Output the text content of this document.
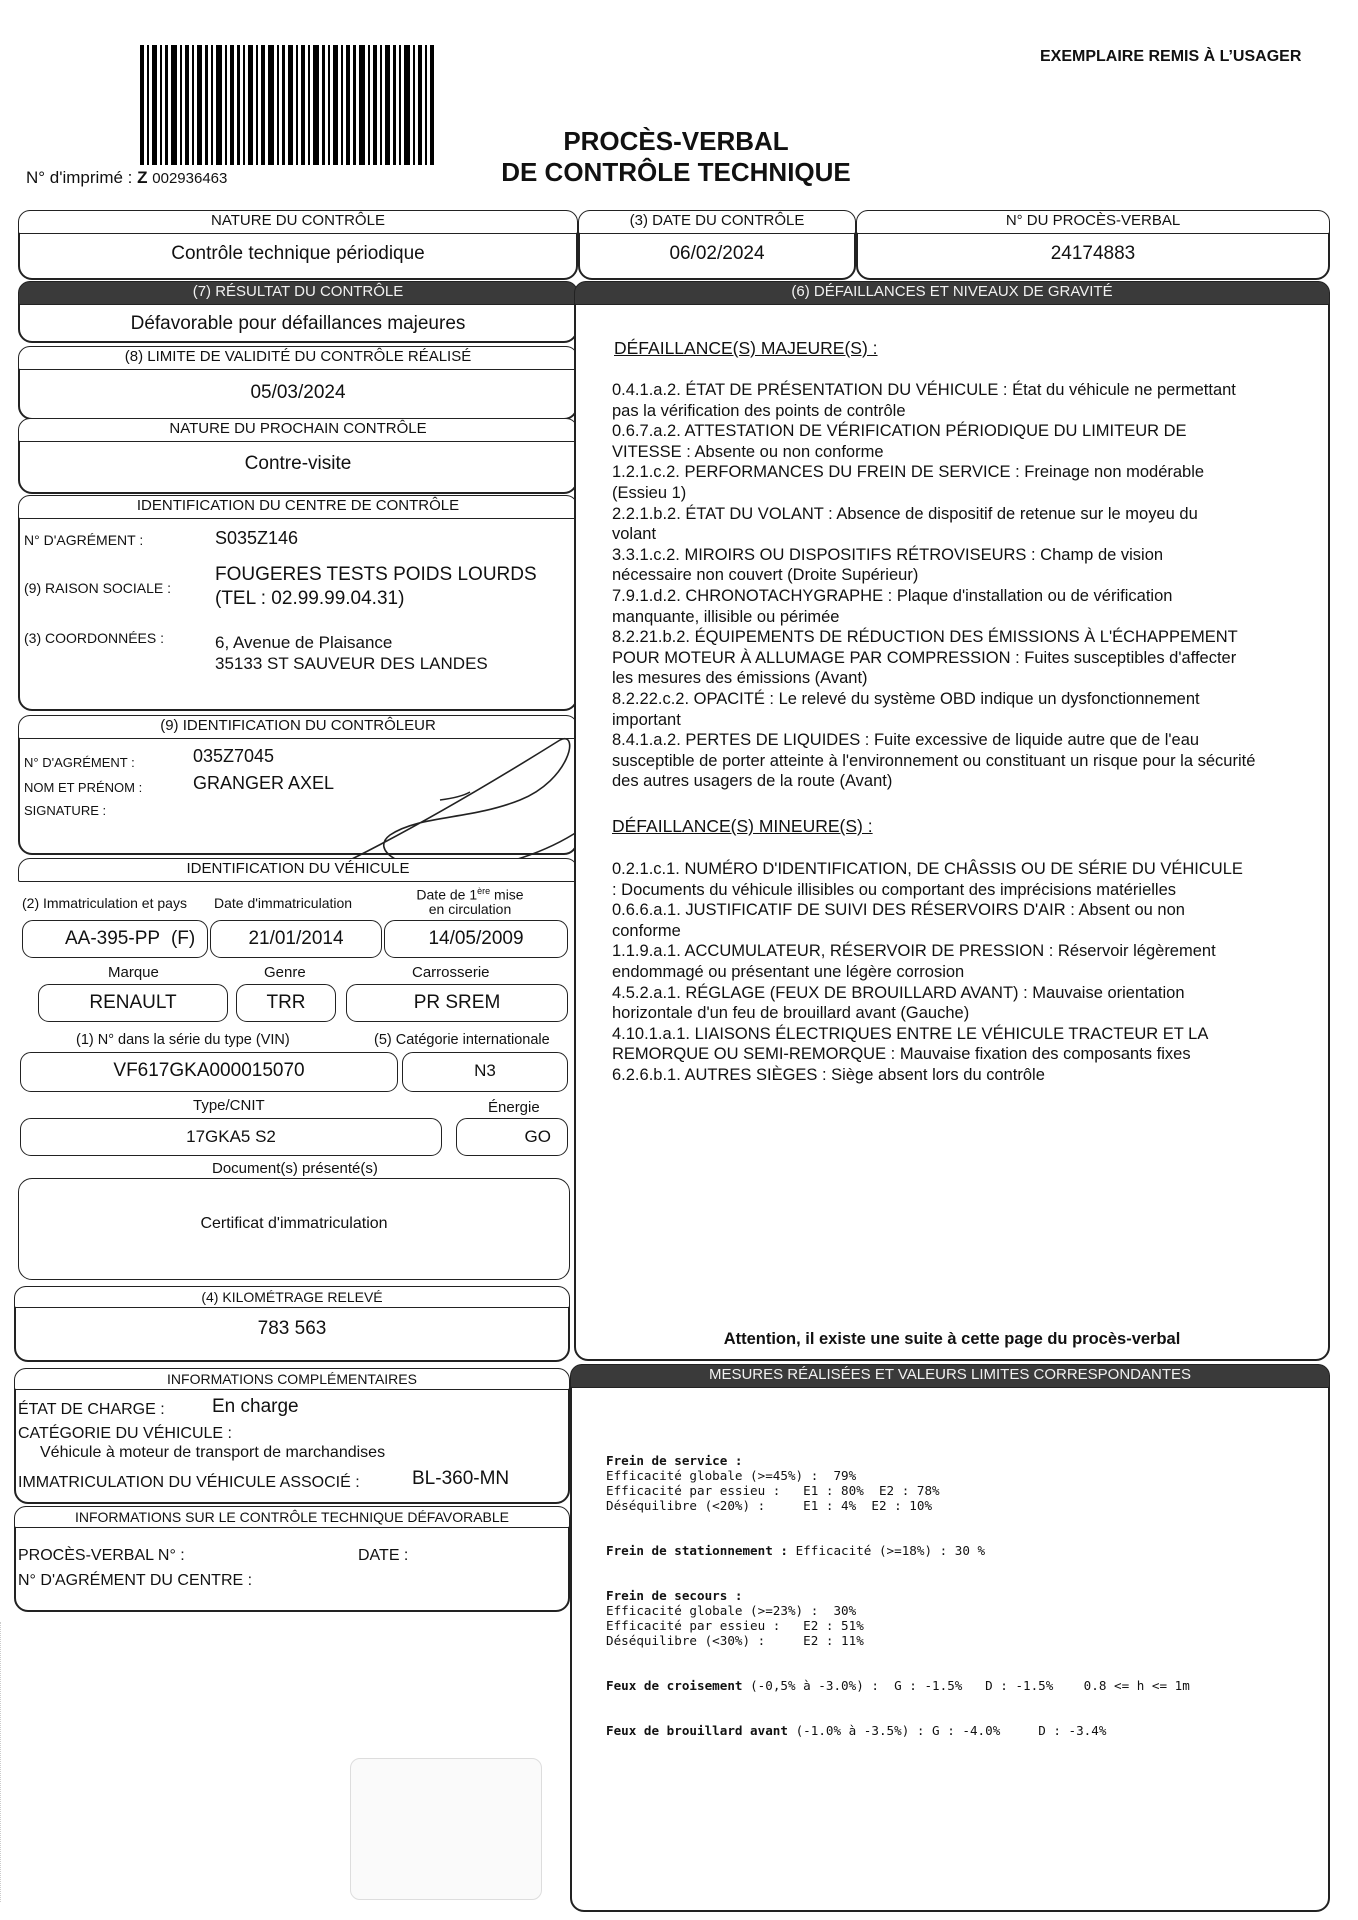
N° d'imprimé : Z 002936463
PROCÈS-VERBAL
DE CONTRÔLE TECHNIQUE
EXEMPLAIRE REMIS À L’USAGER
NATURE DU CONTRÔLE
Contrôle technique périodique
(3) DATE DU CONTRÔLE
06/02/2024
N° DU PROCÈS-VERBAL
24174883
(7) RÉSULTAT DU CONTRÔLE
Défavorable pour défaillances majeures
(8) LIMITE DE VALIDITÉ DU CONTRÔLE RÉALISÉ
05/03/2024
NATURE DU PROCHAIN CONTRÔLE
Contre-visite
IDENTIFICATION DU CENTRE DE CONTRÔLE
N° D'AGRÉMENT :	S035Z146
(9) RAISON SOCIALE :
FOUGERES TESTS POIDS LOURDS
(TEL : 02.99.99.04.31)
(3) COORDONNÉES :	6, Avenue de Plaisance
35133 ST SAUVEUR DES LANDES
(9) IDENTIFICATION DU CONTRÔLEUR
N° D'AGRÉMENT :	035Z7045
NOM ET PRÉNOM :	GRANGER AXEL
SIGNATURE :
IDENTIFICATION DU VÉHICULE
(2) Immatriculation et pays Date d'immatriculation
Date de 1ère mise
en circulation
AA-395-PP (F)	21/01/2014	14/05/2009
Marque	Genre	Carrosserie
RENAULT	TRR	PR SREM
(1) N° dans la série du type (VIN)	(5) Catégorie internationale
VF617GKA000015070	N3
Type/CNIT	Énergie
17GKA5 S2	GO
Document(s) présenté(s)
Certificat d'immatriculation
(4) KILOMÉTRAGE RELEVÉ
783 563
INFORMATIONS COMPLÉMENTAIRES
ÉTAT DE CHARGE : En charge
CATÉGORIE DU VÉHICULE :
Véhicule à moteur de transport de marchandises
IMMATRICULATION DU VÉHICULE ASSOCIÉ :	BL-360-MN
INFORMATIONS SUR LE CONTRÔLE TECHNIQUE DÉFAVORABLE
PROCÈS-VERBAL N° :	DATE :
N° D'AGRÉMENT DU CENTRE :
(6) DÉFAILLANCES ET NIVEAUX DE GRAVITÉ
DÉFAILLANCE(S) MAJEURE(S) :
0.4.1.a.2. ÉTAT DE PRÉSENTATION DU VÉHICULE : État du véhicule ne permettant
pas la vérification des points de contrôle
0.6.7.a.2. ATTESTATION DE VÉRIFICATION PÉRIODIQUE DU LIMITEUR DE
VITESSE : Absente ou non conforme
1.2.1.c.2. PERFORMANCES DU FREIN DE SERVICE : Freinage non modérable
(Essieu 1)
2.2.1.b.2. ÉTAT DU VOLANT : Absence de dispositif de retenue sur le moyeu du
volant
3.3.1.c.2. MIROIRS OU DISPOSITIFS RÉTROVISEURS : Champ de vision
nécessaire non couvert (Droite Supérieur)
7.9.1.d.2. CHRONOTACHYGRAPHE : Plaque d'installation ou de vérification
manquante, illisible ou périmée
8.2.21.b.2. ÉQUIPEMENTS DE RÉDUCTION DES ÉMISSIONS À L'ÉCHAPPEMENT
POUR MOTEUR À ALLUMAGE PAR COMPRESSION : Fuites susceptibles d'affecter
les mesures des émissions (Avant)
8.2.22.c.2. OPACITÉ : Le relevé du système OBD indique un dysfonctionnement
important
8.4.1.a.2. PERTES DE LIQUIDES : Fuite excessive de liquide autre que de l'eau
susceptible de porter atteinte à l'environnement ou constituant un risque pour la sécurité
des autres usagers de la route (Avant)
DÉFAILLANCE(S) MINEURE(S) :
0.2.1.c.1. NUMÉRO D'IDENTIFICATION, DE CHÂSSIS OU DE SÉRIE DU VÉHICULE
: Documents du véhicule illisibles ou comportant des imprécisions matérielles
0.6.6.a.1. JUSTIFICATIF DE SUIVI DES RÉSERVOIRS D'AIR : Absent ou non
conforme
1.1.9.a.1. ACCUMULATEUR, RÉSERVOIR DE PRESSION : Réservoir légèrement
endommagé ou présentant une légère corrosion
4.5.2.a.1. RÉGLAGE (FEUX DE BROUILLARD AVANT) : Mauvaise orientation
horizontale d'un feu de brouillard avant (Gauche)
4.10.1.a.1. LIAISONS ÉLECTRIQUES ENTRE LE VÉHICULE TRACTEUR ET LA
REMORQUE OU SEMI-REMORQUE : Mauvaise fixation des composants fixes
6.2.6.b.1. AUTRES SIÈGES : Siège absent lors du contrôle
Attention, il existe une suite à cette page du procès-verbal
MESURES RÉALISÉES ET VALEURS LIMITES CORRESPONDANTES

Frein de service :
Efficacité globale (>=45%) :  79%
Efficacité par essieu :   E1 : 80%  E2 : 78%
Déséquilibre (<20%) :     E1 : 4%  E2 : 10%

Frein de stationnement : Efficacité (>=18%) : 30 %

Frein de secours :
Efficacité globale (>=23%) :  30%
Efficacité par essieu :   E2 : 51%
Déséquilibre (<30%) :     E2 : 11%

Feux de croisement (-0,5% à -3.0%) :  G : -1.5%   D : -1.5%    0.8 <= h <= 1m

Feux de brouillard avant (-1.0% à -3.5%) : G : -4.0%     D : -3.4%
